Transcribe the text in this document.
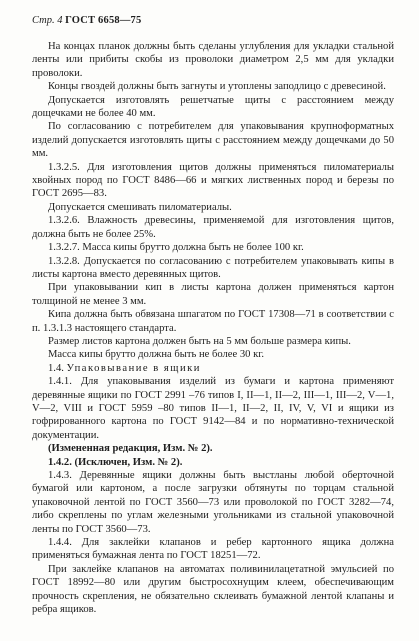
Стр. 4 ГОСТ 6658—75

На концах планок должны быть сделаны углубления для укладки стальной ленты или прибиты скобы из проволоки диаметром 2,5 мм для укладки проволоки.

Концы гвоздей должны быть загнуты и утоплены заподлицо с древесиной.

Допускается изготовлять решетчатые щиты с расстоянием между дощечками не более 40 мм.

По согласованию с потребителем для упаковывания крупноформатных изделий допускается изготовлять щиты с расстоянием между дощечками до 50 мм.

1.3.2.5. Для изготовления щитов должны применяться пиломатериалы хвойных пород по ГОСТ 8486—66 и мягких лиственных пород и березы по ГОСТ 2695—83.

Допускается смешивать пиломатериалы.

1.3.2.6. Влажность древесины, применяемой для изготовления щитов, должна быть не более 25%.

1.3.2.7. Масса кипы брутто должна быть не более 100 кг.

1.3.2.8. Допускается по согласованию с потребителем упаковывать кипы в листы картона вместо деревянных щитов.

При упаковывании кип в листы картона должен применяться картон толщиной не менее 3 мм.

Кипа должна быть обвязана шпагатом по ГОСТ 17308—71 в соответствии с п. 1.3.1.3 настоящего стандарта.

Размер листов картона должен быть на 5 мм больше размера кипы.

Масса кипы брутто должна быть не более 30 кг.

1.4. Упаковывание в ящики

1.4.1. Для упаковывания изделий из бумаги и картона применяют деревянные ящики по ГОСТ 2991 –76 типов I, II—1, II—2, III—1, III—2, V—1, V—2, VIII и ГОСТ 5959 –80 типов II—1, II—2, II, IV, V, VI и ящики из гофрированного картона по ГОСТ 9142—84 и по нормативно-технической документации.

(Измененная редакция, Изм. № 2).

1.4.2. (Исключен, Изм. № 2).

1.4.3. Деревянные ящики должны быть выстланы любой оберточной бумагой или картоном, а после загрузки обтянуты по торцам стальной упаковочной лентой по ГОСТ 3560—73 или проволокой по ГОСТ 3282—74, либо скреплены по углам железными угольниками из стальной упаковочной ленты по ГОСТ 3560—73.

1.4.4. Для заклейки клапанов и ребер картонного ящика должна применяться бумажная лента по ГОСТ 18251—72.

При заклейке клапанов на автоматах поливинилацетатной эмульсией по ГОСТ 18992—80 или другим быстросохнущим клеем, обеспечивающим прочность скрепления, не обязательно склеивать бумажной лентой клапаны и ребра ящиков.
